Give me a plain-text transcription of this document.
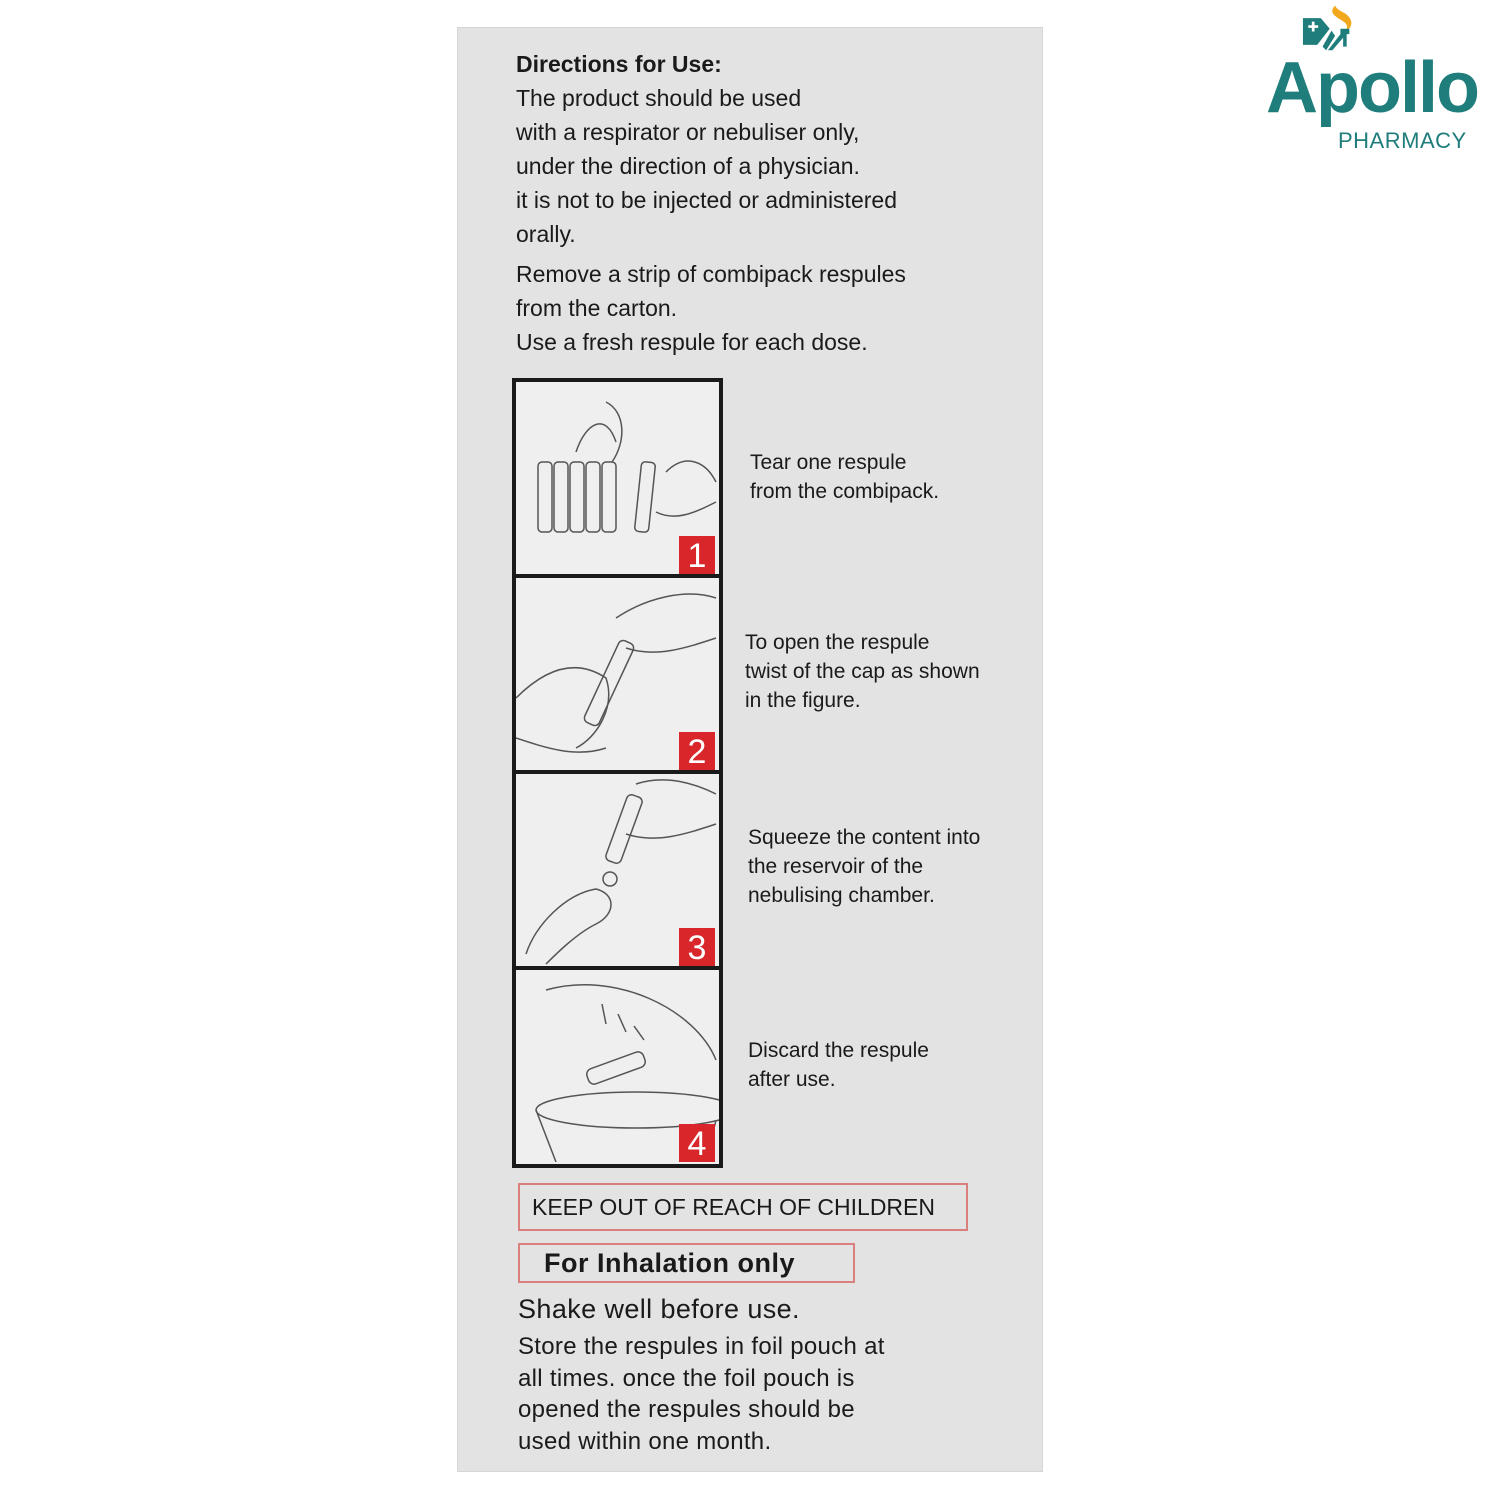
Apollo
PHARMACY
Directions for Use:
The product should be used
with a respirator or nebuliser only,
under the direction of a physician.
it is not to be injected or administered
orally.
Remove a strip of combipack respules
from the carton.
Use a fresh respule for each dose.
1
2
3
4
Tear one respule
from the combipack.
To open the respule
twist of the cap as shown
in the figure.
Squeeze the content into
the reservoir of the
nebulising chamber.
Discard the respule
after use.
KEEP OUT OF REACH OF CHILDREN
For Inhalation only
Shake well before use.
Store the respules in foil pouch at
all times. once the foil pouch is
opened the respules should be
used within one month.
